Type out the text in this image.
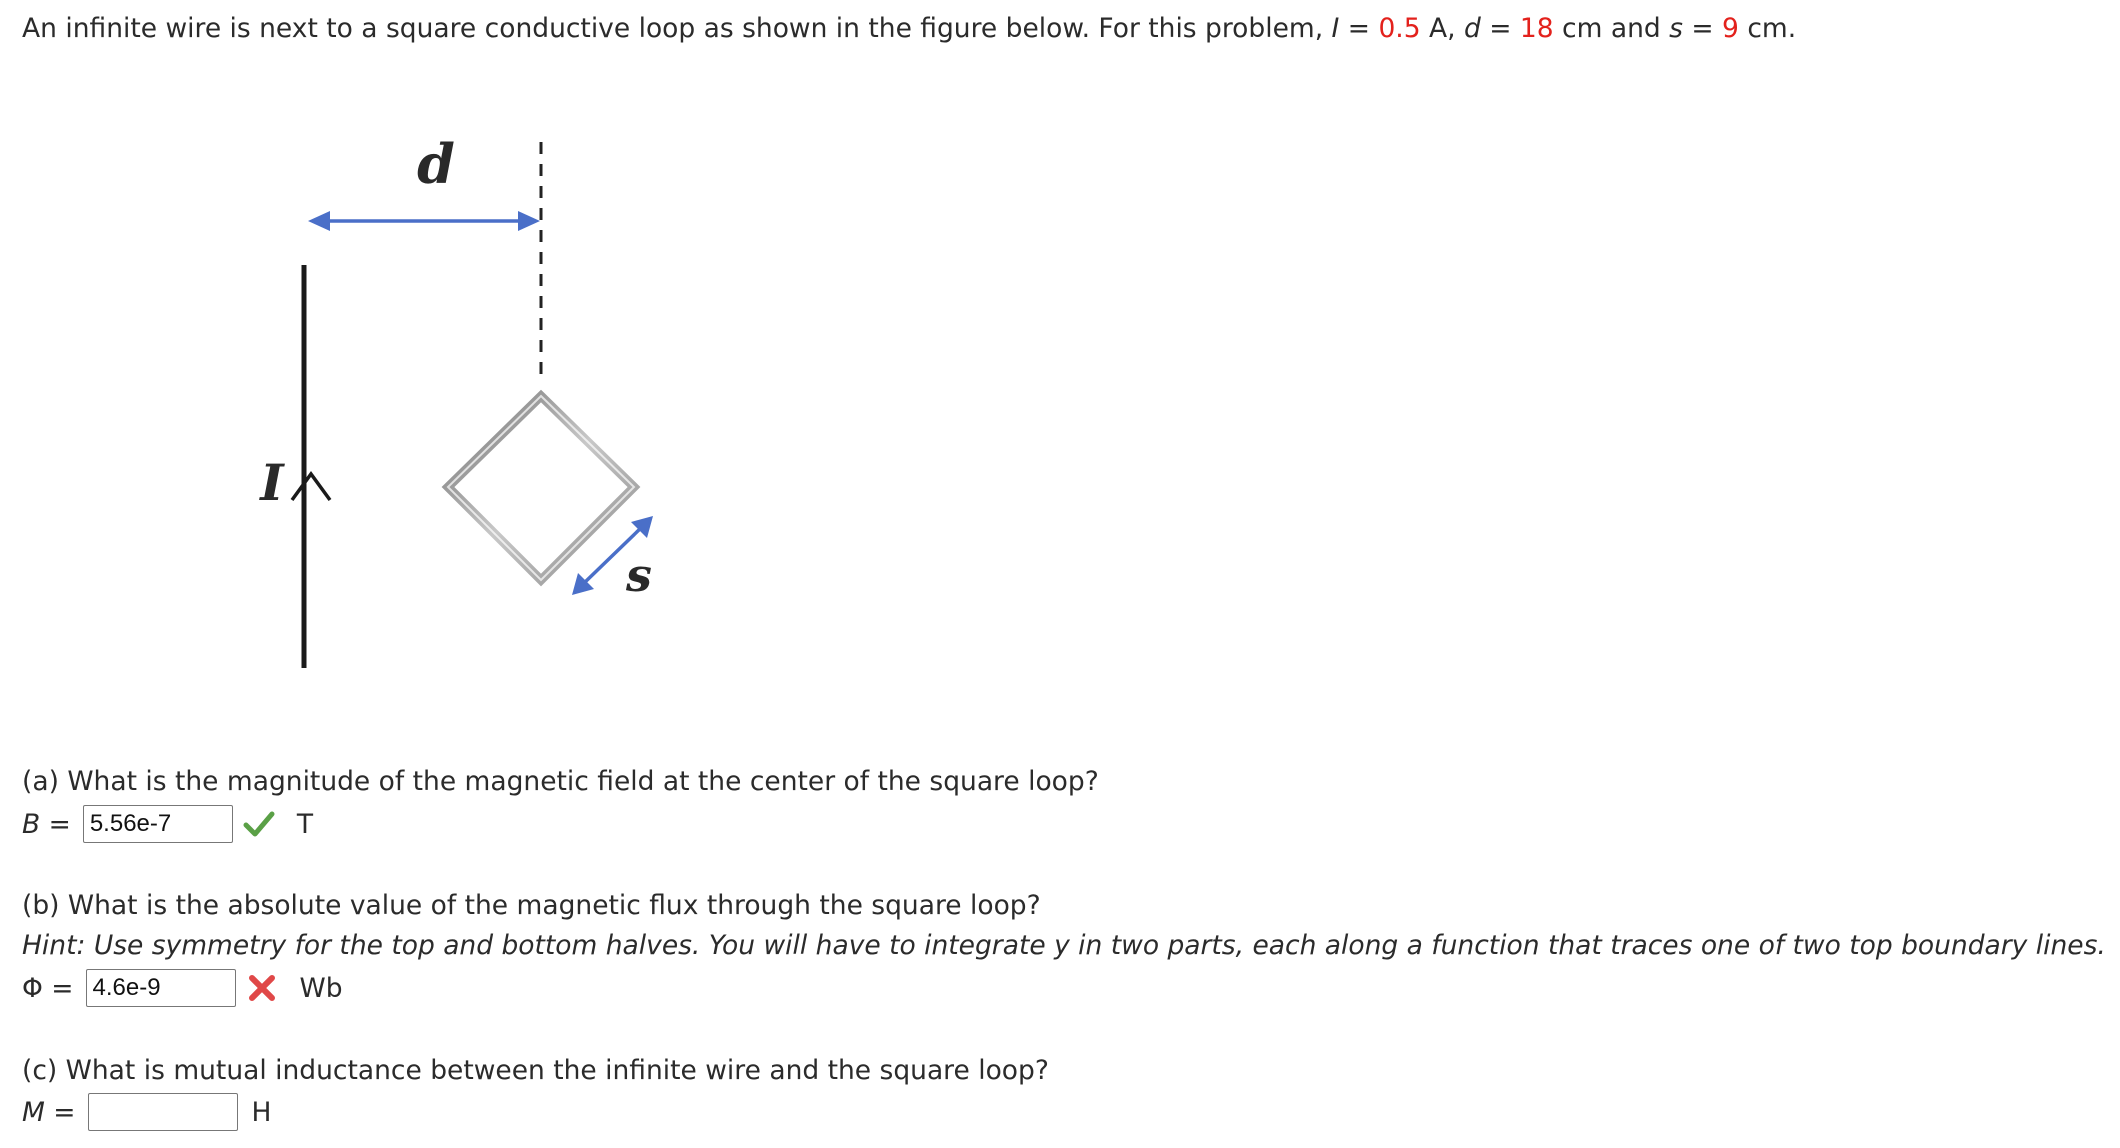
An infinite wire is next to a square conductive loop as shown in the figure below. For this problem, I = 0.5 A, d = 18 cm and s = 9 cm.
d
I
s
(a) What is the magnitude of the magnetic field at the center of the square loop?
B =
5.56e-7	T
(b) What is the absolute value of the magnetic flux through the square loop?
Hint: Use symmetry for the top and bottom halves. You will have to integrate y in two parts, each along a function that traces one of two top boundary lines.
Φ =
4.6e-9	Wb
(c) What is mutual inductance between the infinite wire and the square loop?
M =	H
